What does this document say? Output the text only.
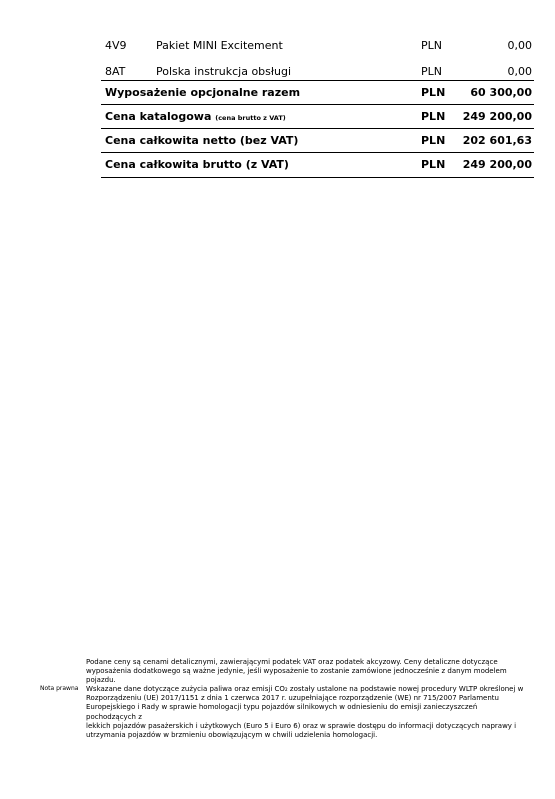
4V9	Pakiet MINI Excitement	PLN	0,00
8AT	Polska instrukcja obsługi	PLN	0,00
Wyposażenie opcjonalne razem	PLN 60 300,00
Cena katalogowa (cena brutto z VAT)	PLN 249 200,00
Cena całkowita netto (bez VAT)	PLN 202 601,63
Cena całkowita brutto (z VAT)	PLN 249 200,00
Nota prawna
Podane ceny są cenami detalicznymi, zawierającymi podatek VAT oraz podatek akcyzowy. Ceny detaliczne dotyczące
wyposażenia dodatkowego są ważne jedynie, jeśli wyposażenie to zostanie zamówione jednocześnie z danym modelem pojazdu.
Wskazane dane dotyczące zużycia paliwa oraz emisji CO₂ zostały ustalone na podstawie nowej procedury WLTP określonej w
Rozporządzeniu (UE) 2017/1151 z dnia 1 czerwca 2017 r. uzupełniające rozporządzenie (WE) nr 715/2007 Parlamentu
Europejskiego i Rady w sprawie homologacji typu pojazdów silnikowych w odniesieniu do emisji zanieczyszczeń pochodzących z
lekkich pojazdów pasażerskich i użytkowych (Euro 5 i Euro 6) oraz w sprawie dostępu do informacji dotyczących naprawy i
utrzymania pojazdów w brzmieniu obowiązującym w chwili udzielenia homologacji.
